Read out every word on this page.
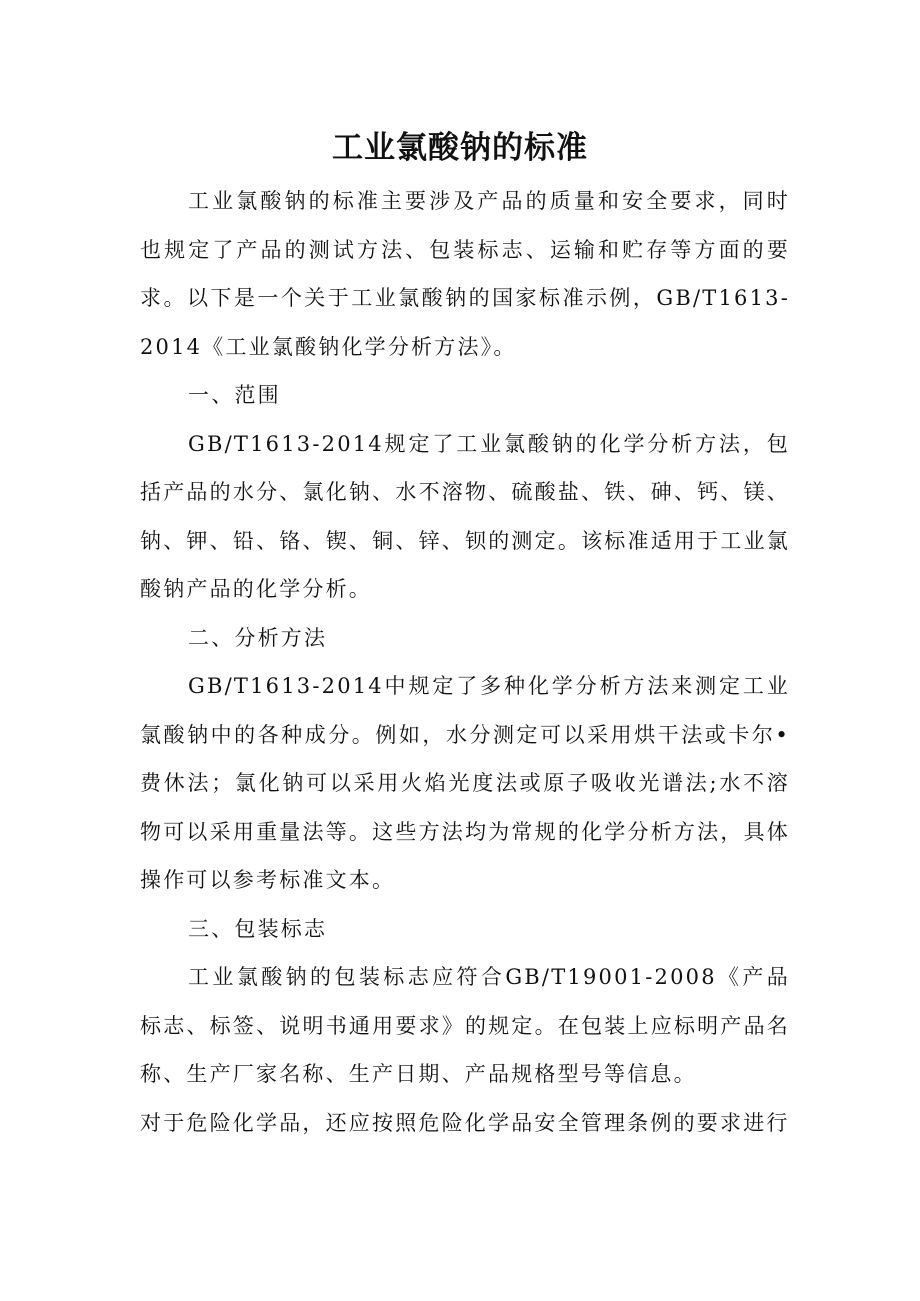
工业氯酸钠的标准

工业氯酸钠的标准主要涉及产品的质量和安全要求，同时也规定了产品的测试方法、包装标志、运输和贮存等方面的要求。以下是一个关于工业氯酸钠的国家标准示例，GB/T1613-2014《工业氯酸钠化学分析方法》。

一、范围

GB/T1613-2014规定了工业氯酸钠的化学分析方法，包括产品的水分、氯化钠、水不溶物、硫酸盐、铁、砷、钙、镁、钠、钾、铅、铬、锲、铜、锌、钡的测定。该标准适用于工业氯酸钠产品的化学分析。

二、分析方法

GB/T1613-2014中规定了多种化学分析方法来测定工业氯酸钠中的各种成分。例如，水分测定可以采用烘干法或卡尔•费休法；氯化钠可以采用火焰光度法或原子吸收光谱法;水不溶物可以采用重量法等。这些方法均为常规的化学分析方法，具体操作可以参考标准文本。

三、包装标志

工业氯酸钠的包装标志应符合GB/T19001-2008《产品标志、标签、说明书通用要求》的规定。在包装上应标明产品名称、生产厂家名称、生产日期、产品规格型号等信息。

对于危险化学品，还应按照危险化学品安全管理条例的要求进行
